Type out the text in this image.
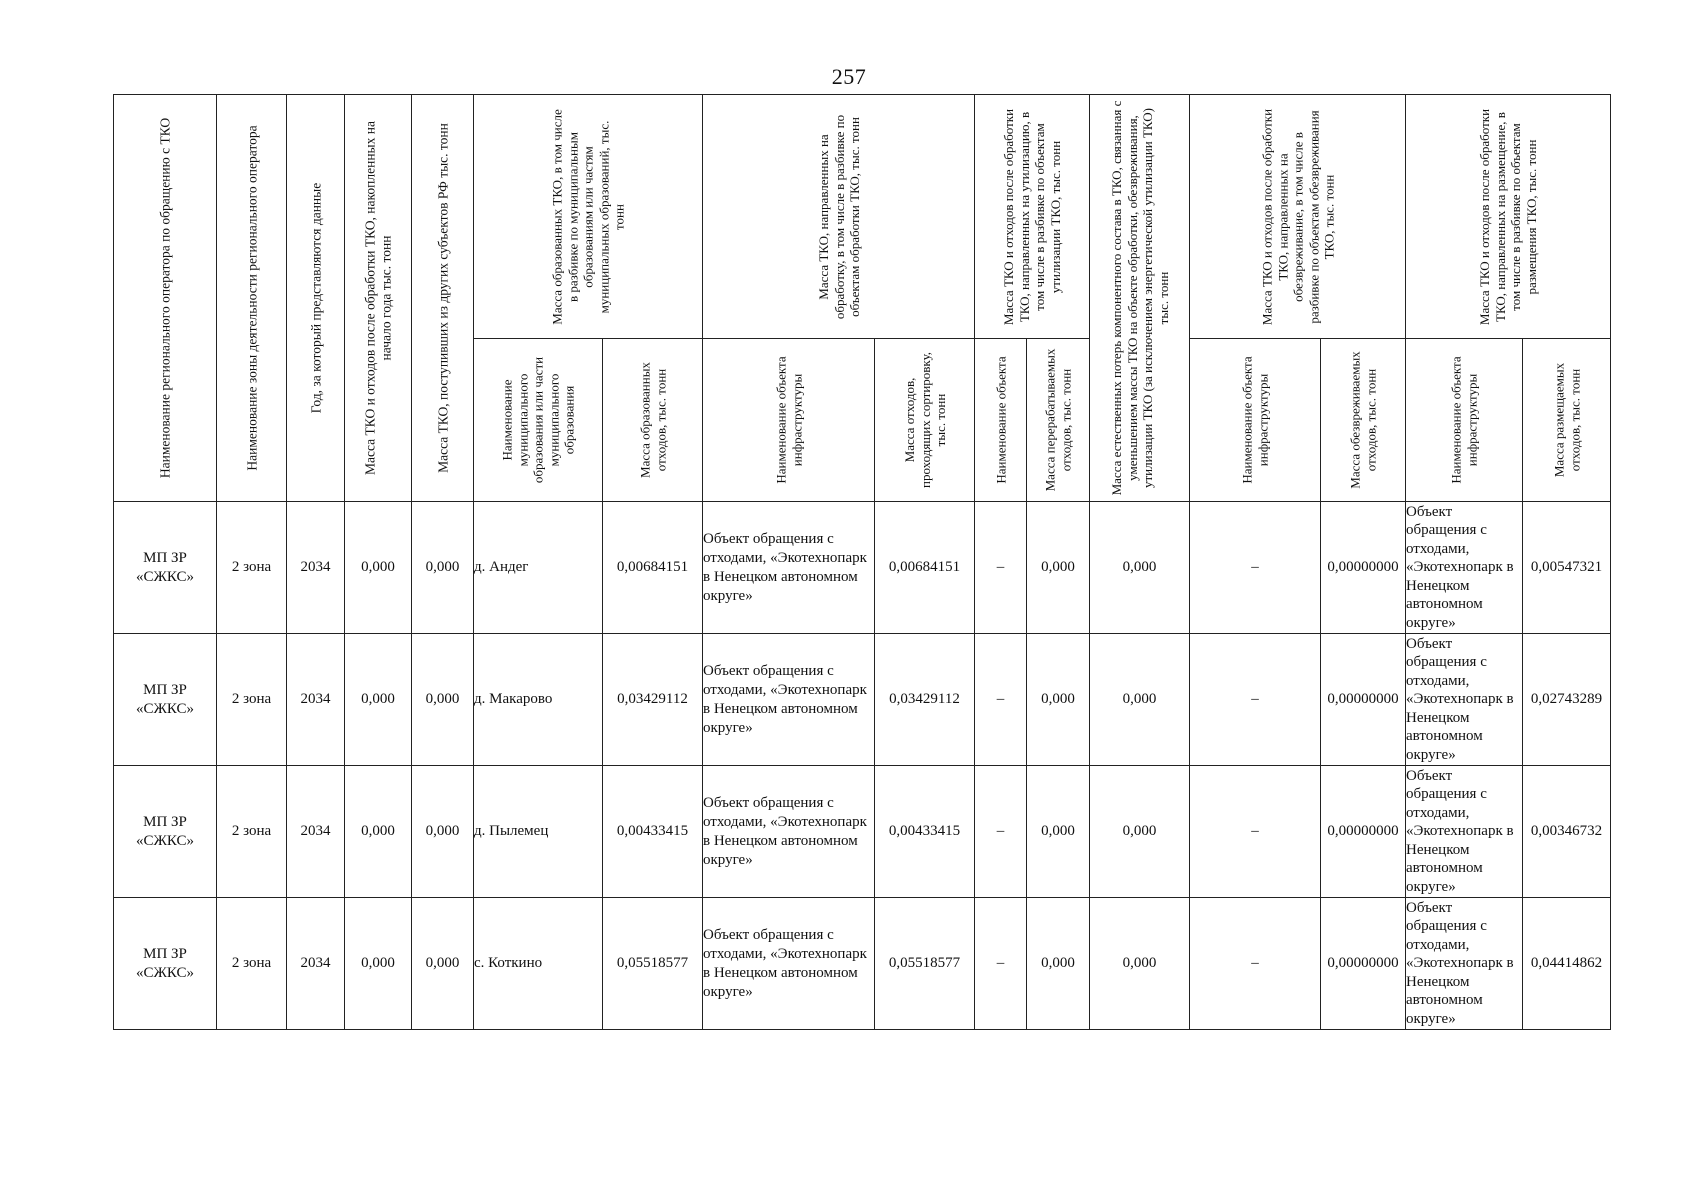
257
Наименование регионального оператора по обращению с ТКО	Наименование зоны деятельности регионального оператора	Год, за который представляются данные	Масса ТКО и отходов после обработки ТКО, накопленных на начало года тыс. тонн	Масса ТКО, поступивших из других субъектов РФ тыс. тонн	Масса образованных ТКО, в том числе в разбивке по муниципальным образованиям или частям муниципальных образований, тыс. тонн		Масса ТКО, направленных на обработку, в том числе в разбивке по объектам обработки ТКО, тыс. тонн		Масса ТКО и отходов после обработки ТКО, направленных на утилизацию, в том числе в разбивке по объектам утилизации ТКО, тыс. тонн		Масса естественных потерь компонентного состава в ТКО, связанная с уменьшением массы ТКО на объекте обработки, обезвреживания, утилизации ТКО (за исключением энергетической утилизации ТКО) тыс. тонн	Масса ТКО и отходов после обработки ТКО, направленных на обезвреживание, в том числе в разбивке по объектам обезвреживания ТКО, тыс. тонн		Масса ТКО и отходов после обработки ТКО, направленных на размещение, в том числе в разбивке по объектам размещения ТКО, тыс. тонн	

					Наименование муниципального образования или части муниципального образования	Масса образованных отходов, тыс. тонн	Наименование объекта инфраструктуры	Масса отходов, проходящих сортировку, тыс. тонн	Наименование объекта	Масса перерабатываемых отходов, тыс. тонн		Наименование объекта инфраструктуры	Масса обезвреживаемых отходов, тыс. тонн	Наименование объекта инфраструктуры	Масса размещаемых отходов, тыс. тонн

МП ЗР «СЖКС»	2 зона	2034	0,000	0,000	д. Андег	0,00684151	Объект обращения с отходами, «Экотехнопарк в Ненецком автономном округе»	0,00684151	–	0,000	0,000	–	0,00000000	Объект обращения с отходами, «Экотехнопарк в Ненецком автономном округе»	0,00547321
МП ЗР «СЖКС»	2 зона	2034	0,000	0,000	д. Макарово	0,03429112	Объект обращения с отходами, «Экотехнопарк в Ненецком автономном округе»	0,03429112	–	0,000	0,000	–	0,00000000	Объект обращения с отходами, «Экотехнопарк в Ненецком автономном округе»	0,02743289
МП ЗР «СЖКС»	2 зона	2034	0,000	0,000	д. Пылемец	0,00433415	Объект обращения с отходами, «Экотехнопарк в Ненецком автономном округе»	0,00433415	–	0,000	0,000	–	0,00000000	Объект обращения с отходами, «Экотехнопарк в Ненецком автономном округе»	0,00346732
МП ЗР «СЖКС»	2 зона	2034	0,000	0,000	с. Коткино	0,05518577	Объект обращения с отходами, «Экотехнопарк в Ненецком автономном округе»	0,05518577	–	0,000	0,000	–	0,00000000	Объект обращения с отходами, «Экотехнопарк в Ненецком автономном округе»	0,04414862
